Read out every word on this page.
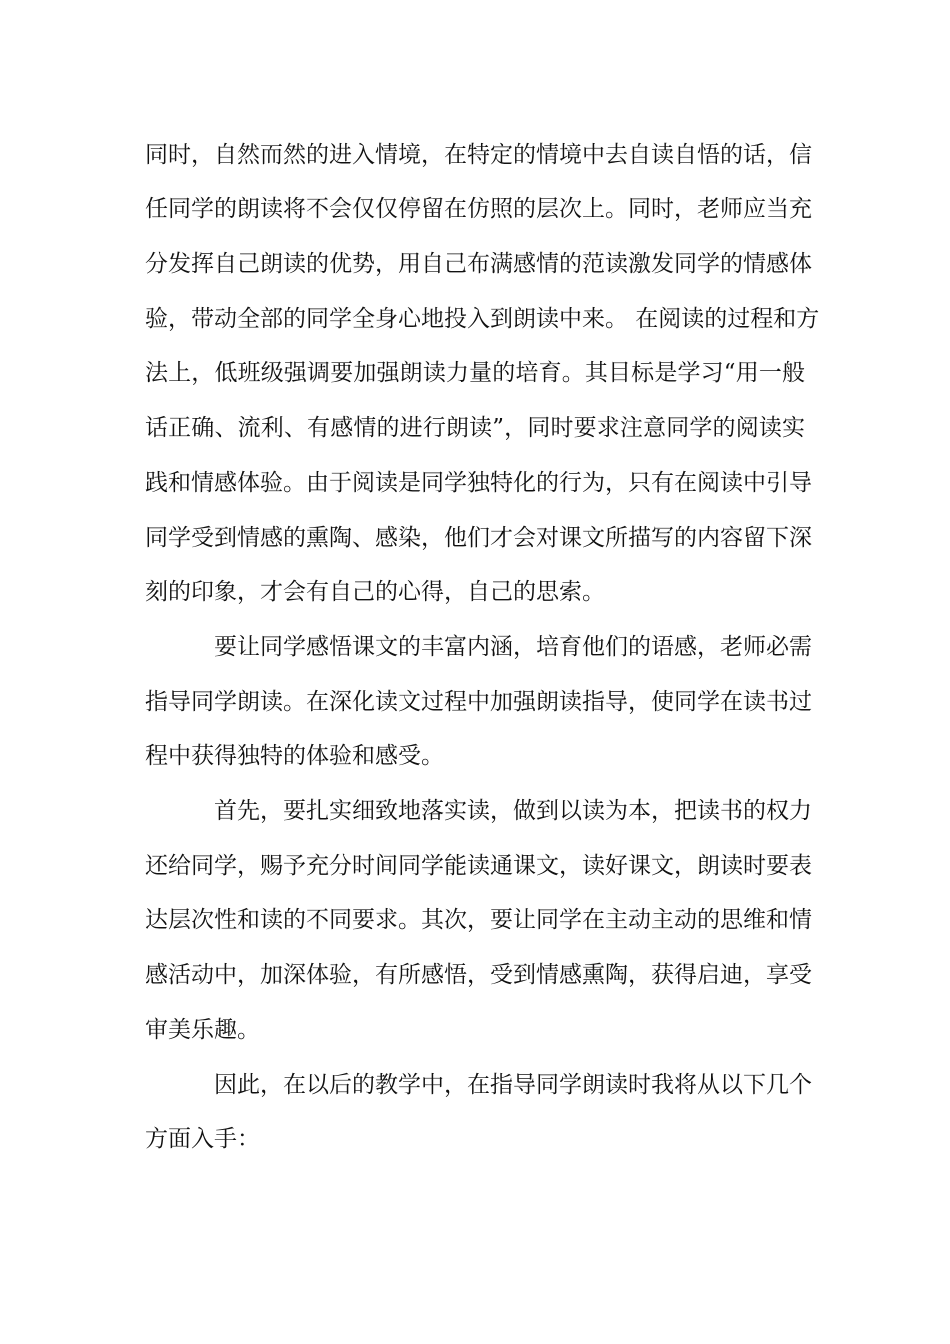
同时，自然而然的进入情境，在特定的情境中去自读自悟的话，信
任同学的朗读将不会仅仅停留在仿照的层次上。同时，老师应当充
分发挥自己朗读的优势，用自己布满感情的范读激发同学的情感体
验，带动全部的同学全身心地投入到朗读中来。 在阅读的过程和方
法上，低班级强调要加强朗读力量的培育。其目标是学习“用一般
话正确、流利、有感情的进行朗读”，同时要求注意同学的阅读实
践和情感体验。由于阅读是同学独特化的行为，只有在阅读中引导
同学受到情感的熏陶、感染，他们才会对课文所描写的内容留下深
刻的印象，才会有自己的心得，自己的思索。
要让同学感悟课文的丰富内涵，培育他们的语感，老师必需
指导同学朗读。在深化读文过程中加强朗读指导，使同学在读书过
程中获得独特的体验和感受。
首先，要扎实细致地落实读，做到以读为本，把读书的权力
还给同学，赐予充分时间同学能读通课文，读好课文，朗读时要表
达层次性和读的不同要求。其次，要让同学在主动主动的思维和情
感活动中，加深体验，有所感悟，受到情感熏陶，获得启迪，享受
审美乐趣。
因此，在以后的教学中，在指导同学朗读时我将从以下几个
方面入手：
